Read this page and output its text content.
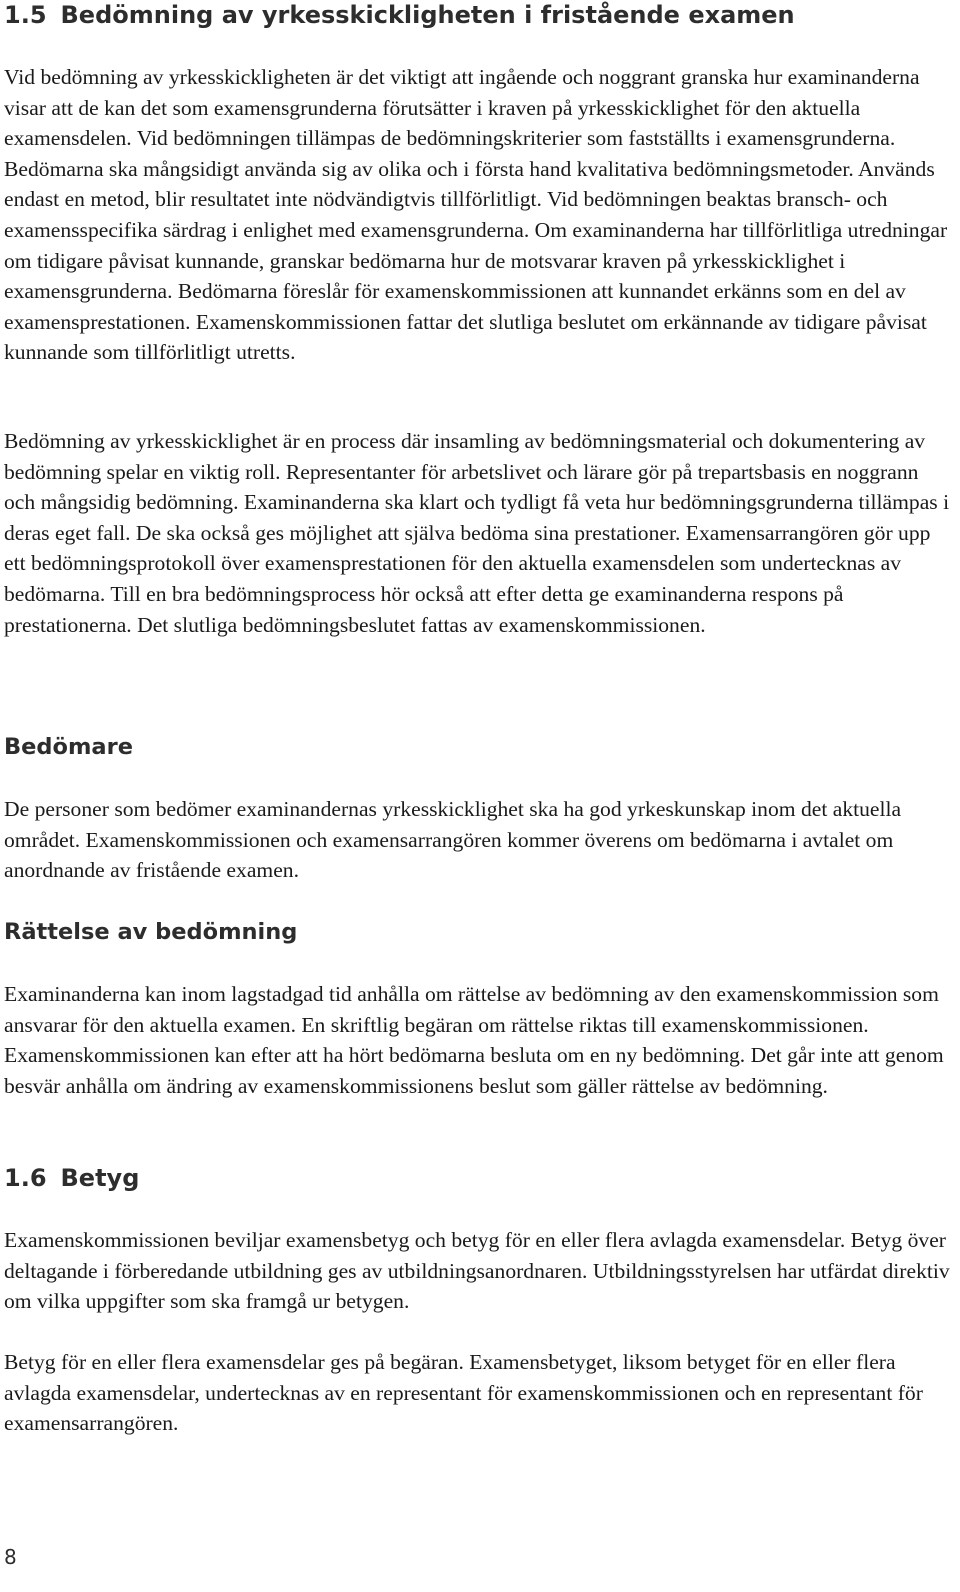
1.5 Bedömning av yrkesskickligheten i fristående examen

Vid bedömning av yrkesskickligheten är det viktigt att ingående och noggrant granska hur examinanderna visar att de kan det som examensgrunderna förutsätter i kraven på yrkesskicklighet för den aktuella examensdelen. Vid bedömningen tillämpas de bedömningskriterier som fastställts i examensgrunderna. Bedömarna ska mångsidigt använda sig av olika och i första hand kvalitativa bedömningsmetoder. Används endast en metod, blir resultatet inte nödvändigtvis tillförlitligt. Vid bedömningen beaktas bransch- och examensspecifika särdrag i enlighet med examensgrunderna. Om examinanderna har tillförlitliga utredningar om tidigare påvisat kunnande, granskar bedömarna hur de motsvarar kraven på yrkesskicklighet i examensgrunderna. Bedömarna föreslår för examenskommissionen att kunnandet erkänns som en del av examensprestationen. Examenskommissionen fattar det slutliga beslutet om erkännande av tidigare påvisat kunnande som tillförlitligt utretts.

Bedömning av yrkesskicklighet är en process där insamling av bedömningsmaterial och dokumentering av bedömning spelar en viktig roll. Representanter för arbetslivet och lärare gör på trepartsbasis en noggrann och mångsidig bedömning. Examinanderna ska klart och tydligt få veta hur bedömningsgrunderna tillämpas i deras eget fall. De ska också ges möjlighet att själva bedöma sina prestationer. Examensarrangören gör upp ett bedömningsprotokoll över examensprestationen för den aktuella examensdelen som undertecknas av bedömarna. Till en bra bedömningsprocess hör också att efter detta ge examinanderna respons på prestationerna. Det slutliga bedömningsbeslutet fattas av examenskommissionen.

Bedömare

De personer som bedömer examinandernas yrkesskicklighet ska ha god yrkeskunskap inom det aktuella området. Examenskommissionen och examensarrangören kommer överens om bedömarna i avtalet om anordnande av fristående examen.

Rättelse av bedömning

Examinanderna kan inom lagstadgad tid anhålla om rättelse av bedömning av den examenskommission som ansvarar för den aktuella examen. En skriftlig begäran om rättelse riktas till examenskommissionen. Examenskommissionen kan efter att ha hört bedömarna besluta om en ny bedömning. Det går inte att genom besvär anhålla om ändring av examenskommissionens beslut som gäller rättelse av bedömning.

1.6 Betyg

Examenskommissionen beviljar examensbetyg och betyg för en eller flera avlagda examensdelar. Betyg över deltagande i förberedande utbildning ges av utbildningsanordnaren. Utbildningsstyrelsen har utfärdat direktiv om vilka uppgifter som ska framgå ur betygen.

Betyg för en eller flera examensdelar ges på begäran. Examensbetyget, liksom betyget för en eller flera avlagda examensdelar, undertecknas av en representant för examenskommissionen och en representant för examensarrangören.

8
